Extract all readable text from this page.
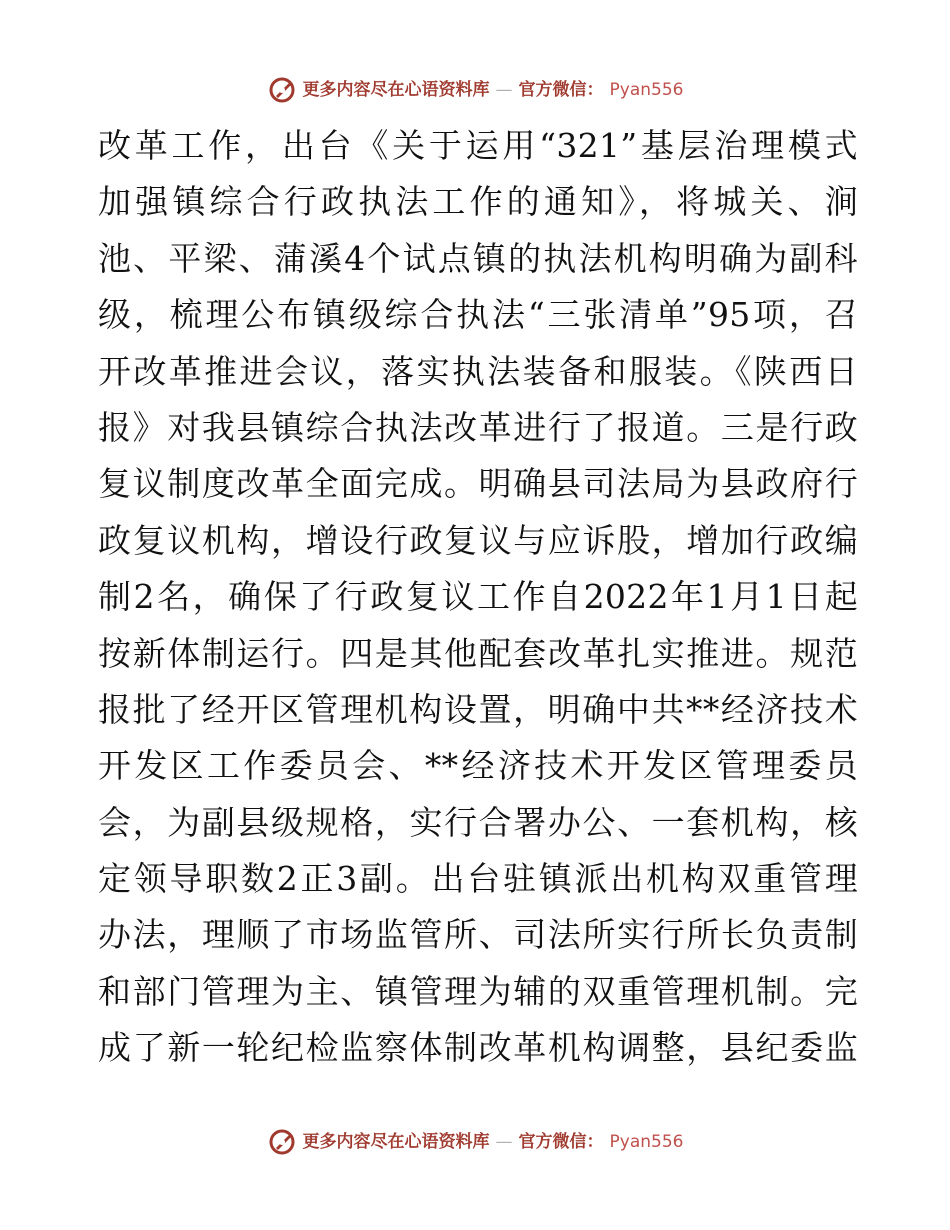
更多内容尽在心语资料库 — 官方微信： Pyan556
改革工作，出台《关于运用“321”基层治理模式
加强镇综合行政执法工作的通知》，将城关、涧
池、平梁、蒲溪4个试点镇的执法机构明确为副科
级，梳理公布镇级综合执法“三张清单”95项，召
开改革推进会议，落实执法装备和服装。《陕西日
报》对我县镇综合执法改革进行了报道。三是行政
复议制度改革全面完成。明确县司法局为县政府行
政复议机构，增设行政复议与应诉股，增加行政编
制2名，确保了行政复议工作自2022年1月1日起
按新体制运行。四是其他配套改革扎实推进。规范
报批了经开区管理机构设置，明确中共**经济技术
开发区工作委员会、**经济技术开发区管理委员
会，为副县级规格，实行合署办公、一套机构，核
定领导职数2正3副。出台驻镇派出机构双重管理
办法，理顺了市场监管所、司法所实行所长负责制
和部门管理为主、镇管理为辅的双重管理机制。完
成了新一轮纪检监察体制改革机构调整，县纪委监
更多内容尽在心语资料库 — 官方微信： Pyan556
